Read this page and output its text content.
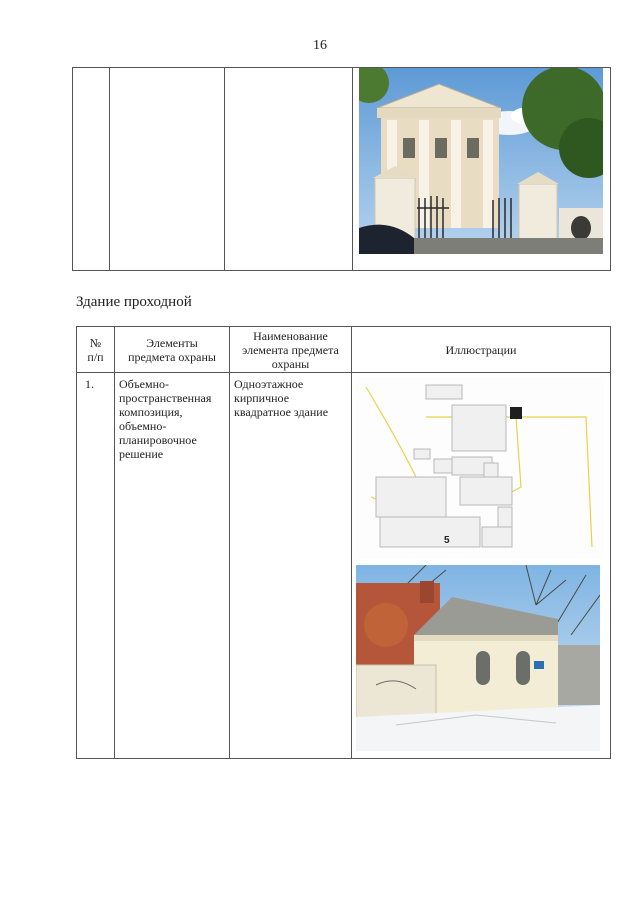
16

Здание проходной
№
п/п	Элементы предмета охраны	Наименование элемента предмета охраны	Иллюстрации
1.	Объемно-пространственная композиция, объемно-планировочное решение	Одноэтажное кирпичное квадратное здание	5
